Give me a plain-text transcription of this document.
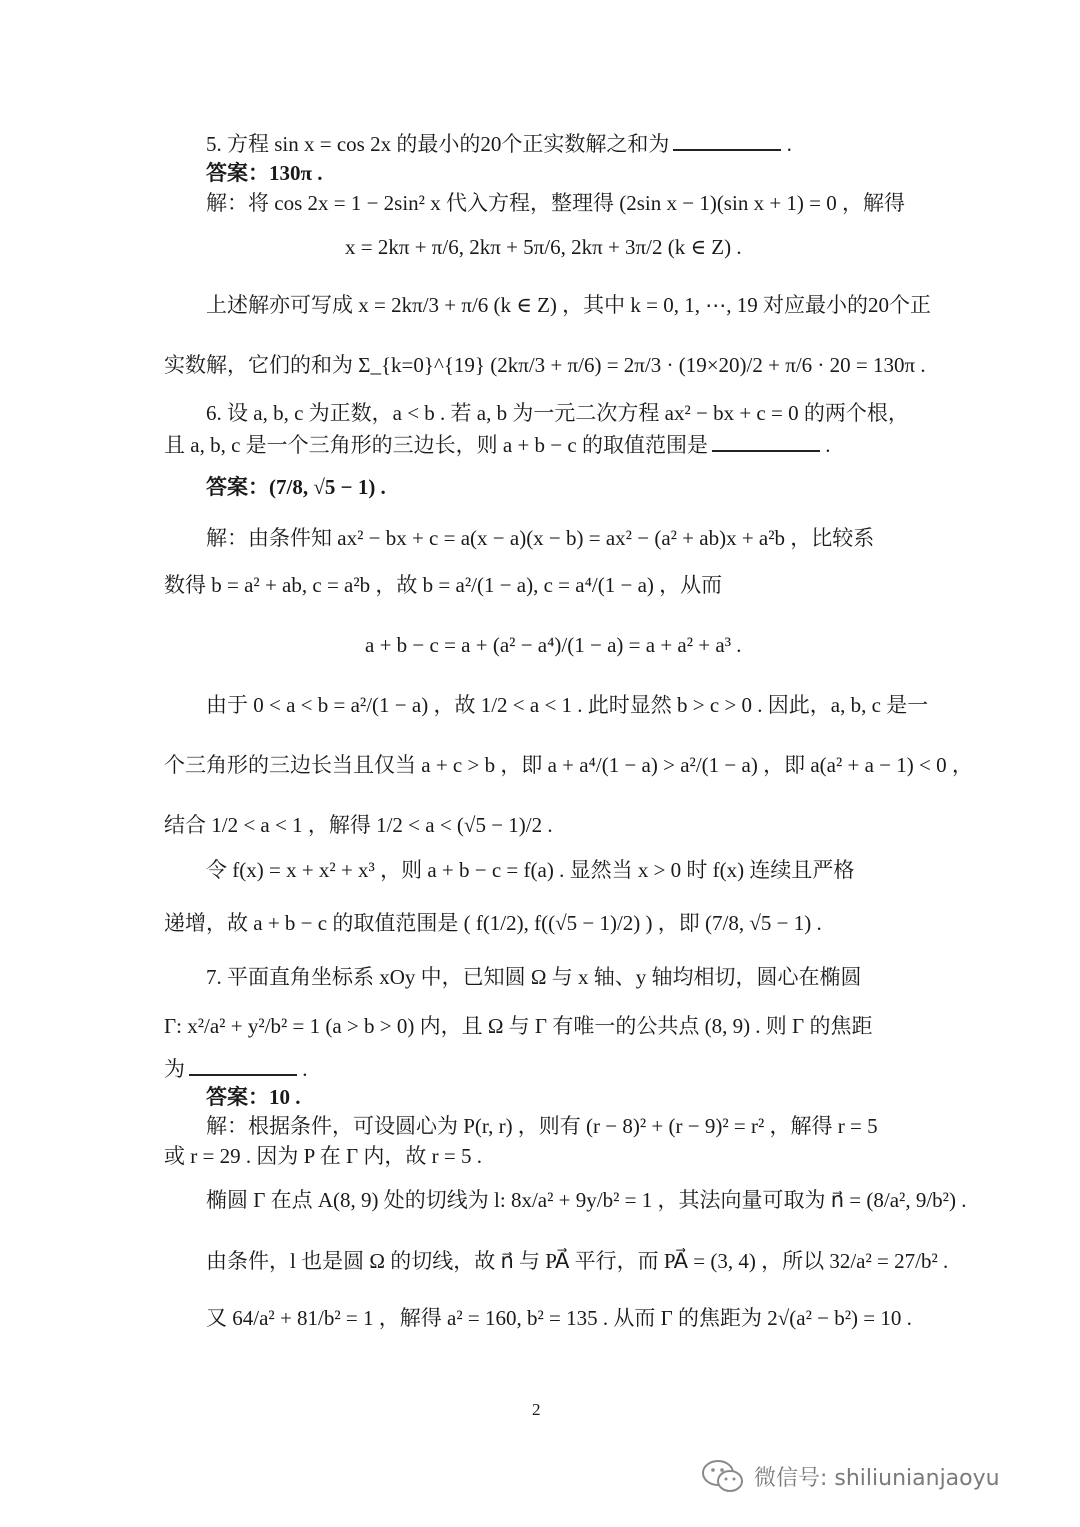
5. 方程 sin x = cos 2x 的最小的20个正实数解之和为	.
答案：130π .
解：将 cos 2x = 1 − 2sin² x 代入方程，整理得 (2sin x − 1)(sin x + 1) = 0 ，解得
x = 2kπ + π/6, 2kπ + 5π/6, 2kπ + 3π/2 (k ∈ Z) .
上述解亦可写成 x = 2kπ/3 + π/6 (k ∈ Z) ，其中 k = 0, 1, ⋯, 19 对应最小的20个正
实数解，它们的和为 Σ_{k=0}^{19} (2kπ/3 + π/6) = 2π/3 · (19×20)/2 + π/6 · 20 = 130π .
6. 设 a, b, c 为正数，a < b . 若 a, b 为一元二次方程 ax² − bx + c = 0 的两个根，
且 a, b, c 是一个三角形的三边长，则 a + b − c 的取值范围是	.
答案：(7/8, √5 − 1) .
解：由条件知 ax² − bx + c = a(x − a)(x − b) = ax² − (a² + ab)x + a²b ，比较系
数得 b = a² + ab, c = a²b ，故 b = a²/(1 − a), c = a⁴/(1 − a) ，从而
a + b − c = a + (a² − a⁴)/(1 − a) = a + a² + a³ .
由于 0 < a < b = a²/(1 − a) ，故 1/2 < a < 1 . 此时显然 b > c > 0 . 因此，a, b, c 是一
个三角形的三边长当且仅当 a + c > b ，即 a + a⁴/(1 − a) > a²/(1 − a) ，即 a(a² + a − 1) < 0 ，
结合 1/2 < a < 1 ，解得 1/2 < a < (√5 − 1)/2 .
令 f(x) = x + x² + x³ ，则 a + b − c = f(a) . 显然当 x > 0 时 f(x) 连续且严格
递增，故 a + b − c 的取值范围是 ( f(1/2), f((√5 − 1)/2) ) ，即 (7/8, √5 − 1) .
7. 平面直角坐标系 xOy 中，已知圆 Ω 与 x 轴、y 轴均相切，圆心在椭圆
Γ: x²/a² + y²/b² = 1 (a > b > 0) 内，且 Ω 与 Γ 有唯一的公共点 (8, 9) . 则 Γ 的焦距
为	.
答案：10 .
解：根据条件，可设圆心为 P(r, r) ，则有 (r − 8)² + (r − 9)² = r² ，解得 r = 5
或 r = 29 . 因为 P 在 Γ 内，故 r = 5 .
椭圆 Γ 在点 A(8, 9) 处的切线为 l: 8x/a² + 9y/b² = 1 ，其法向量可取为 n⃗ = (8/a², 9/b²) .
由条件，l 也是圆 Ω 的切线，故 n⃗ 与 PA⃗ 平行，而 PA⃗ = (3, 4) ，所以 32/a² = 27/b² .
又 64/a² + 81/b² = 1 ，解得 a² = 160, b² = 135 . 从而 Γ 的焦距为 2√(a² − b²) = 10 .
2
微信号: shiliunianjaoyu
